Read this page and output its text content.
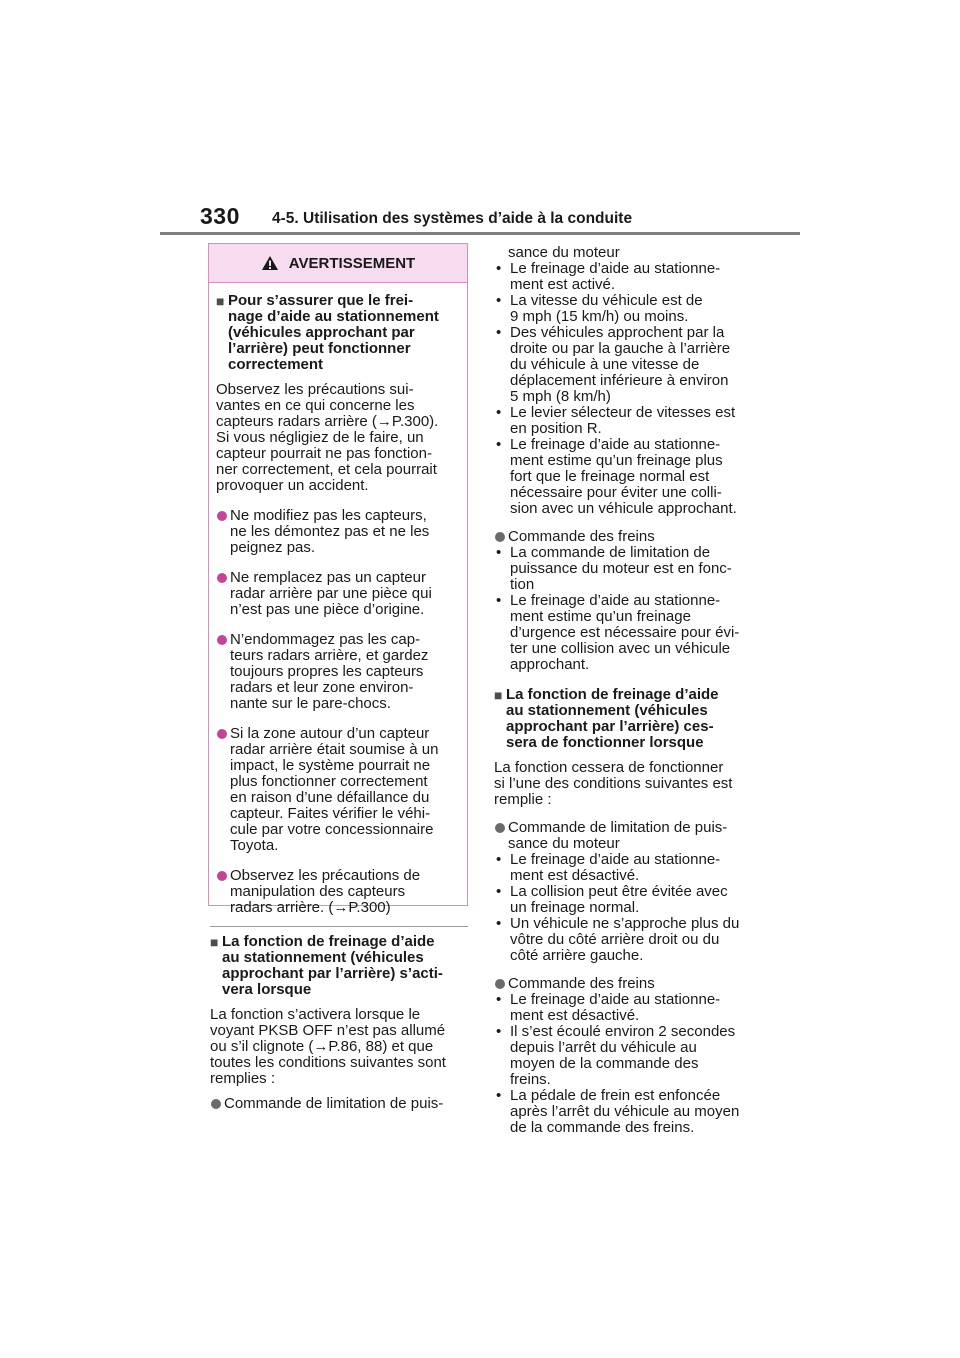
330 4-5. Utilisation des systèmes d’aide à la conduite
AVERTISSEMENT
■ Pour s’assurer que le frei-
nage d’aide au stationnement
(véhicules approchant par
l’arrière) peut fonctionner
correctement
Observez les précautions sui-
vantes en ce qui concerne les
capteurs radars arrière (→P.300).
Si vous négligiez de le faire, un
capteur pourrait ne pas fonction-
ner correctement, et cela pourrait
provoquer un accident.
Ne modifiez pas les capteurs,
ne les démontez pas et ne les
peignez pas.
Ne remplacez pas un capteur
radar arrière par une pièce qui
n’est pas une pièce d’origine.
N’endommagez pas les cap-
teurs radars arrière, et gardez
toujours propres les capteurs
radars et leur zone environ-
nante sur le pare-chocs.
Si la zone autour d’un capteur
radar arrière était soumise à un
impact, le système pourrait ne
plus fonctionner correctement
en raison d’une défaillance du
capteur. Faites vérifier le véhi-
cule par votre concessionnaire
Toyota.
Observez les précautions de
manipulation des capteurs
radars arrière. (→P.300)
■ La fonction de freinage d’aide
au stationnement (véhicules
approchant par l’arrière) s’acti-
vera lorsque
La fonction s’activera lorsque le
voyant PKSB OFF n’est pas allumé
ou s’il clignote (→P.86, 88) et que
toutes les conditions suivantes sont
remplies :
Commande de limitation de puis-
sance du moteur
• Le freinage d’aide au stationne-
ment est activé.
• La vitesse du véhicule est de
9 mph (15 km/h) ou moins.
• Des véhicules approchent par la
droite ou par la gauche à l’arrière
du véhicule à une vitesse de
déplacement inférieure à environ
5 mph (8 km/h)
• Le levier sélecteur de vitesses est
en position R.
• Le freinage d’aide au stationne-
ment estime qu’un freinage plus
fort que le freinage normal est
nécessaire pour éviter une colli-
sion avec un véhicule approchant.
Commande des freins
• La commande de limitation de
puissance du moteur est en fonc-
tion
• Le freinage d’aide au stationne-
ment estime qu’un freinage
d’urgence est nécessaire pour évi-
ter une collision avec un véhicule
approchant.
■ La fonction de freinage d’aide
au stationnement (véhicules
approchant par l’arrière) ces-
sera de fonctionner lorsque
La fonction cessera de fonctionner
si l’une des conditions suivantes est
remplie :
Commande de limitation de puis-
sance du moteur
• Le freinage d’aide au stationne-
ment est désactivé.
• La collision peut être évitée avec
un freinage normal.
• Un véhicule ne s’approche plus du
vôtre du côté arrière droit ou du
côté arrière gauche.
Commande des freins
• Le freinage d’aide au stationne-
ment est désactivé.
• Il s’est écoulé environ 2 secondes
depuis l’arrêt du véhicule au
moyen de la commande des
freins.
• La pédale de frein est enfoncée
après l’arrêt du véhicule au moyen
de la commande des freins.
